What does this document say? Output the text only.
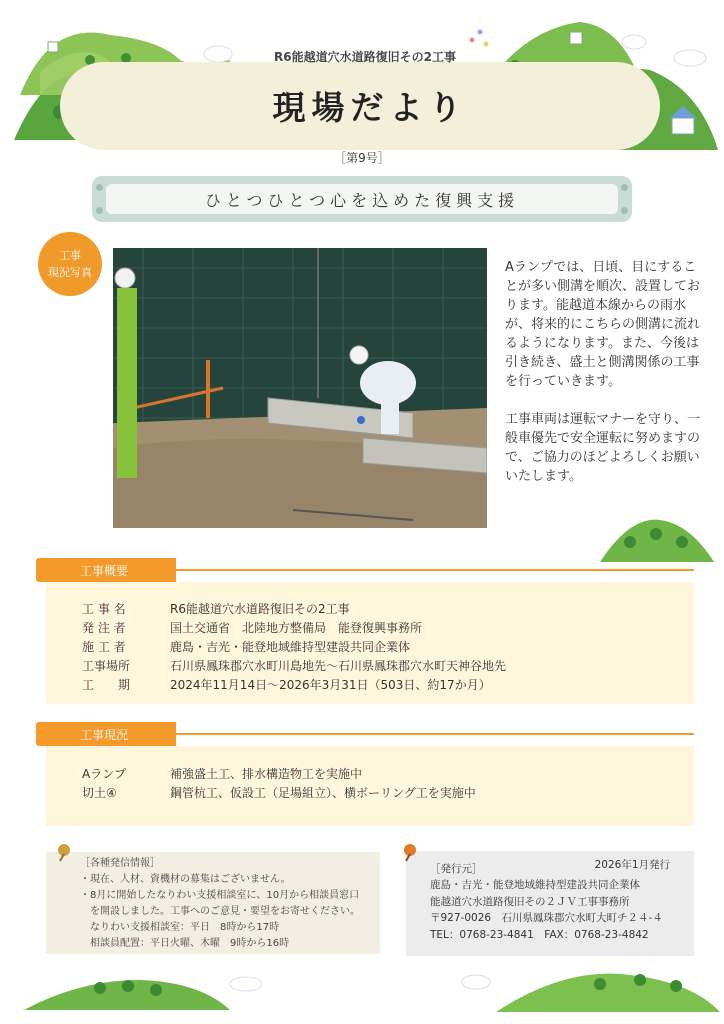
R6能越道穴水道路復旧その2工事
現場だより
［第9号］
ひとつひとつ心を込めた復興支援
工事
現況写真	Aランプでは、日頃、目にすることが多い側溝を順次、設置しております。能越道本線からの雨水が、将来的にこちらの側溝に流れるようになります。また、今後は引き続き、盛土と側溝関係の工事を行っていきます。

工事車両は運転マナーを守り、一般車優先で安全運転に努めますので、ご協力のほどよろしくお願いいたします。
工事概要
工 事 名	R6能越道穴水道路復旧その2工事
発 注 者	国土交通省　北陸地方整備局　能登復興事務所
施 工 者	鹿島・吉光・能登地域維持型建設共同企業体
工事場所	石川県鳳珠郡穴水町川島地先～石川県鳳珠郡穴水町天神谷地先
工　　期	2024年11月14日～2026年3月31日（503日、約17か月）
工事現況
Aランプ	補強盛土工、排水構造物工を実施中
切土④	鋼管杭工、仮設工（足場組立）、横ボーリング工を実施中

［各種発信情報］

・現在、人材、資機材の募集はございません。

・8月に開始したなりわい支援相談室に、10月から相談員窓口

　を開設しました。工事へのご意見・要望をお寄せください。

　なりわい支援相談室：平日　8時から17時

　相談員配置：平日火曜、木曜　9時から16時

［発行元］	2026年1月発行

鹿島・吉光・能登地域維持型建設共同企業体

能越道穴水道路復旧その２ＪＶ工事事務所

〒927-0026　石川県鳳珠郡穴水町大町チ２４-４

TEL：0768-23-4841　FAX：0768-23-4842
